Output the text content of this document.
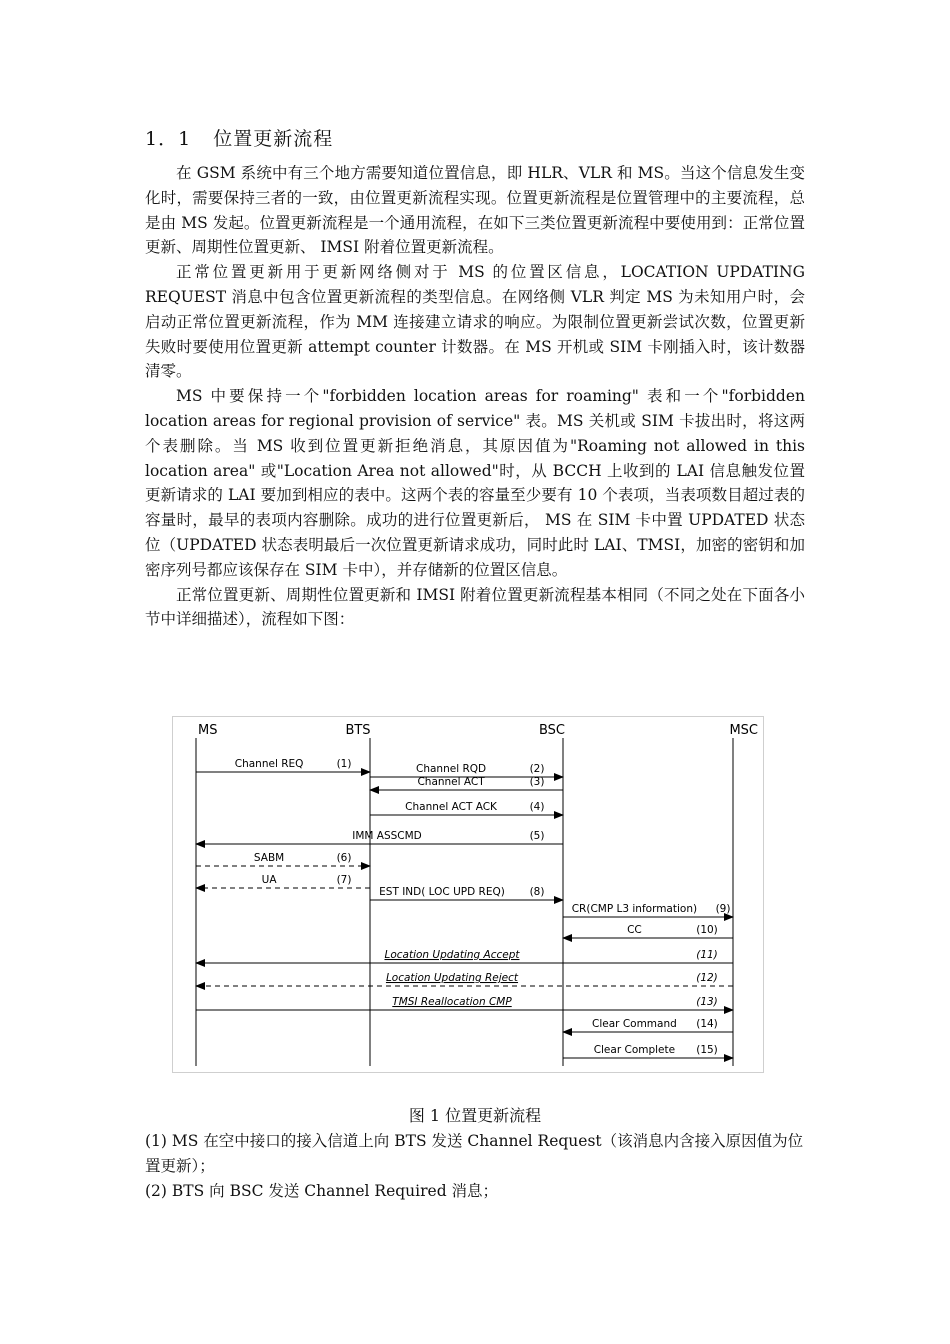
1．1 位置更新流程

在 GSM 系统中有三个地方需要知道位置信息，即 HLR、VLR 和 MS。当这个信息发生变化时，需要保持三者的一致，由位置更新流程实现。位置更新流程是位置管理中的主要流程，总是由 MS 发起。位置更新流程是一个通用流程，在如下三类位置更新流程中要使用到：正常位置更新、周期性位置更新、 IMSI 附着位置更新流程。

正常位置更新用于更新网络侧对于 MS 的位置区信息，LOCATION UPDATING REQUEST 消息中包含位置更新流程的类型信息。在网络侧 VLR 判定 MS 为未知用户时，会启动正常位置更新流程，作为 MM 连接建立请求的响应。为限制位置更新尝试次数，位置更新失败时要使用位置更新 attempt counter 计数器。在 MS 开机或 SIM 卡刚插入时，该计数器清零。

MS 中要保持一个"forbidden location areas for roaming" 表和一个"forbidden location areas for regional provision of service" 表。MS 关机或 SIM 卡拔出时，将这两个表删除。当 MS 收到位置更新拒绝消息，其原因值为"Roaming not allowed in this location area" 或"Location Area not allowed"时，从 BCCH 上收到的 LAI 信息触发位置更新请求的 LAI 要加到相应的表中。这两个表的容量至少要有 10 个表项，当表项数目超过表的容量时，最早的表项内容删除。成功的进行位置更新后， MS 在 SIM 卡中置 UPDATED 状态位（UPDATED 状态表明最后一次位置更新请求成功，同时此时 LAI、TMSI，加密的密钥和加密序列号都应该保存在 SIM 卡中），并存储新的位置区信息。

正常位置更新、周期性位置更新和 IMSI 附着位置更新流程基本相同（不同之处在下面各小节中详细描述），流程如下图：

MS	BTS	BSC	MSC
Channel REQ	(1)	Channel RQD	(2)
Channel ACT	(3)
Channel ACT ACK	(4)
IMM ASSCMD	(5)
SABM	(6)
UA	(7)
EST IND( LOC UPD REQ) (8)
CR(CMP L3 information) (9)
CC	(10)
Location Updating Accept	(11)
Location Updating Reject	(12)
TMSI Reallocation CMP	(13)
Clear Command (14)
Clear Complete (15)
图 1 位置更新流程

(1) MS 在空中接口的接入信道上向 BTS 发送 Channel Request（该消息内含接入原因值为位置更新）；

(2) BTS 向 BSC 发送 Channel Required 消息；
